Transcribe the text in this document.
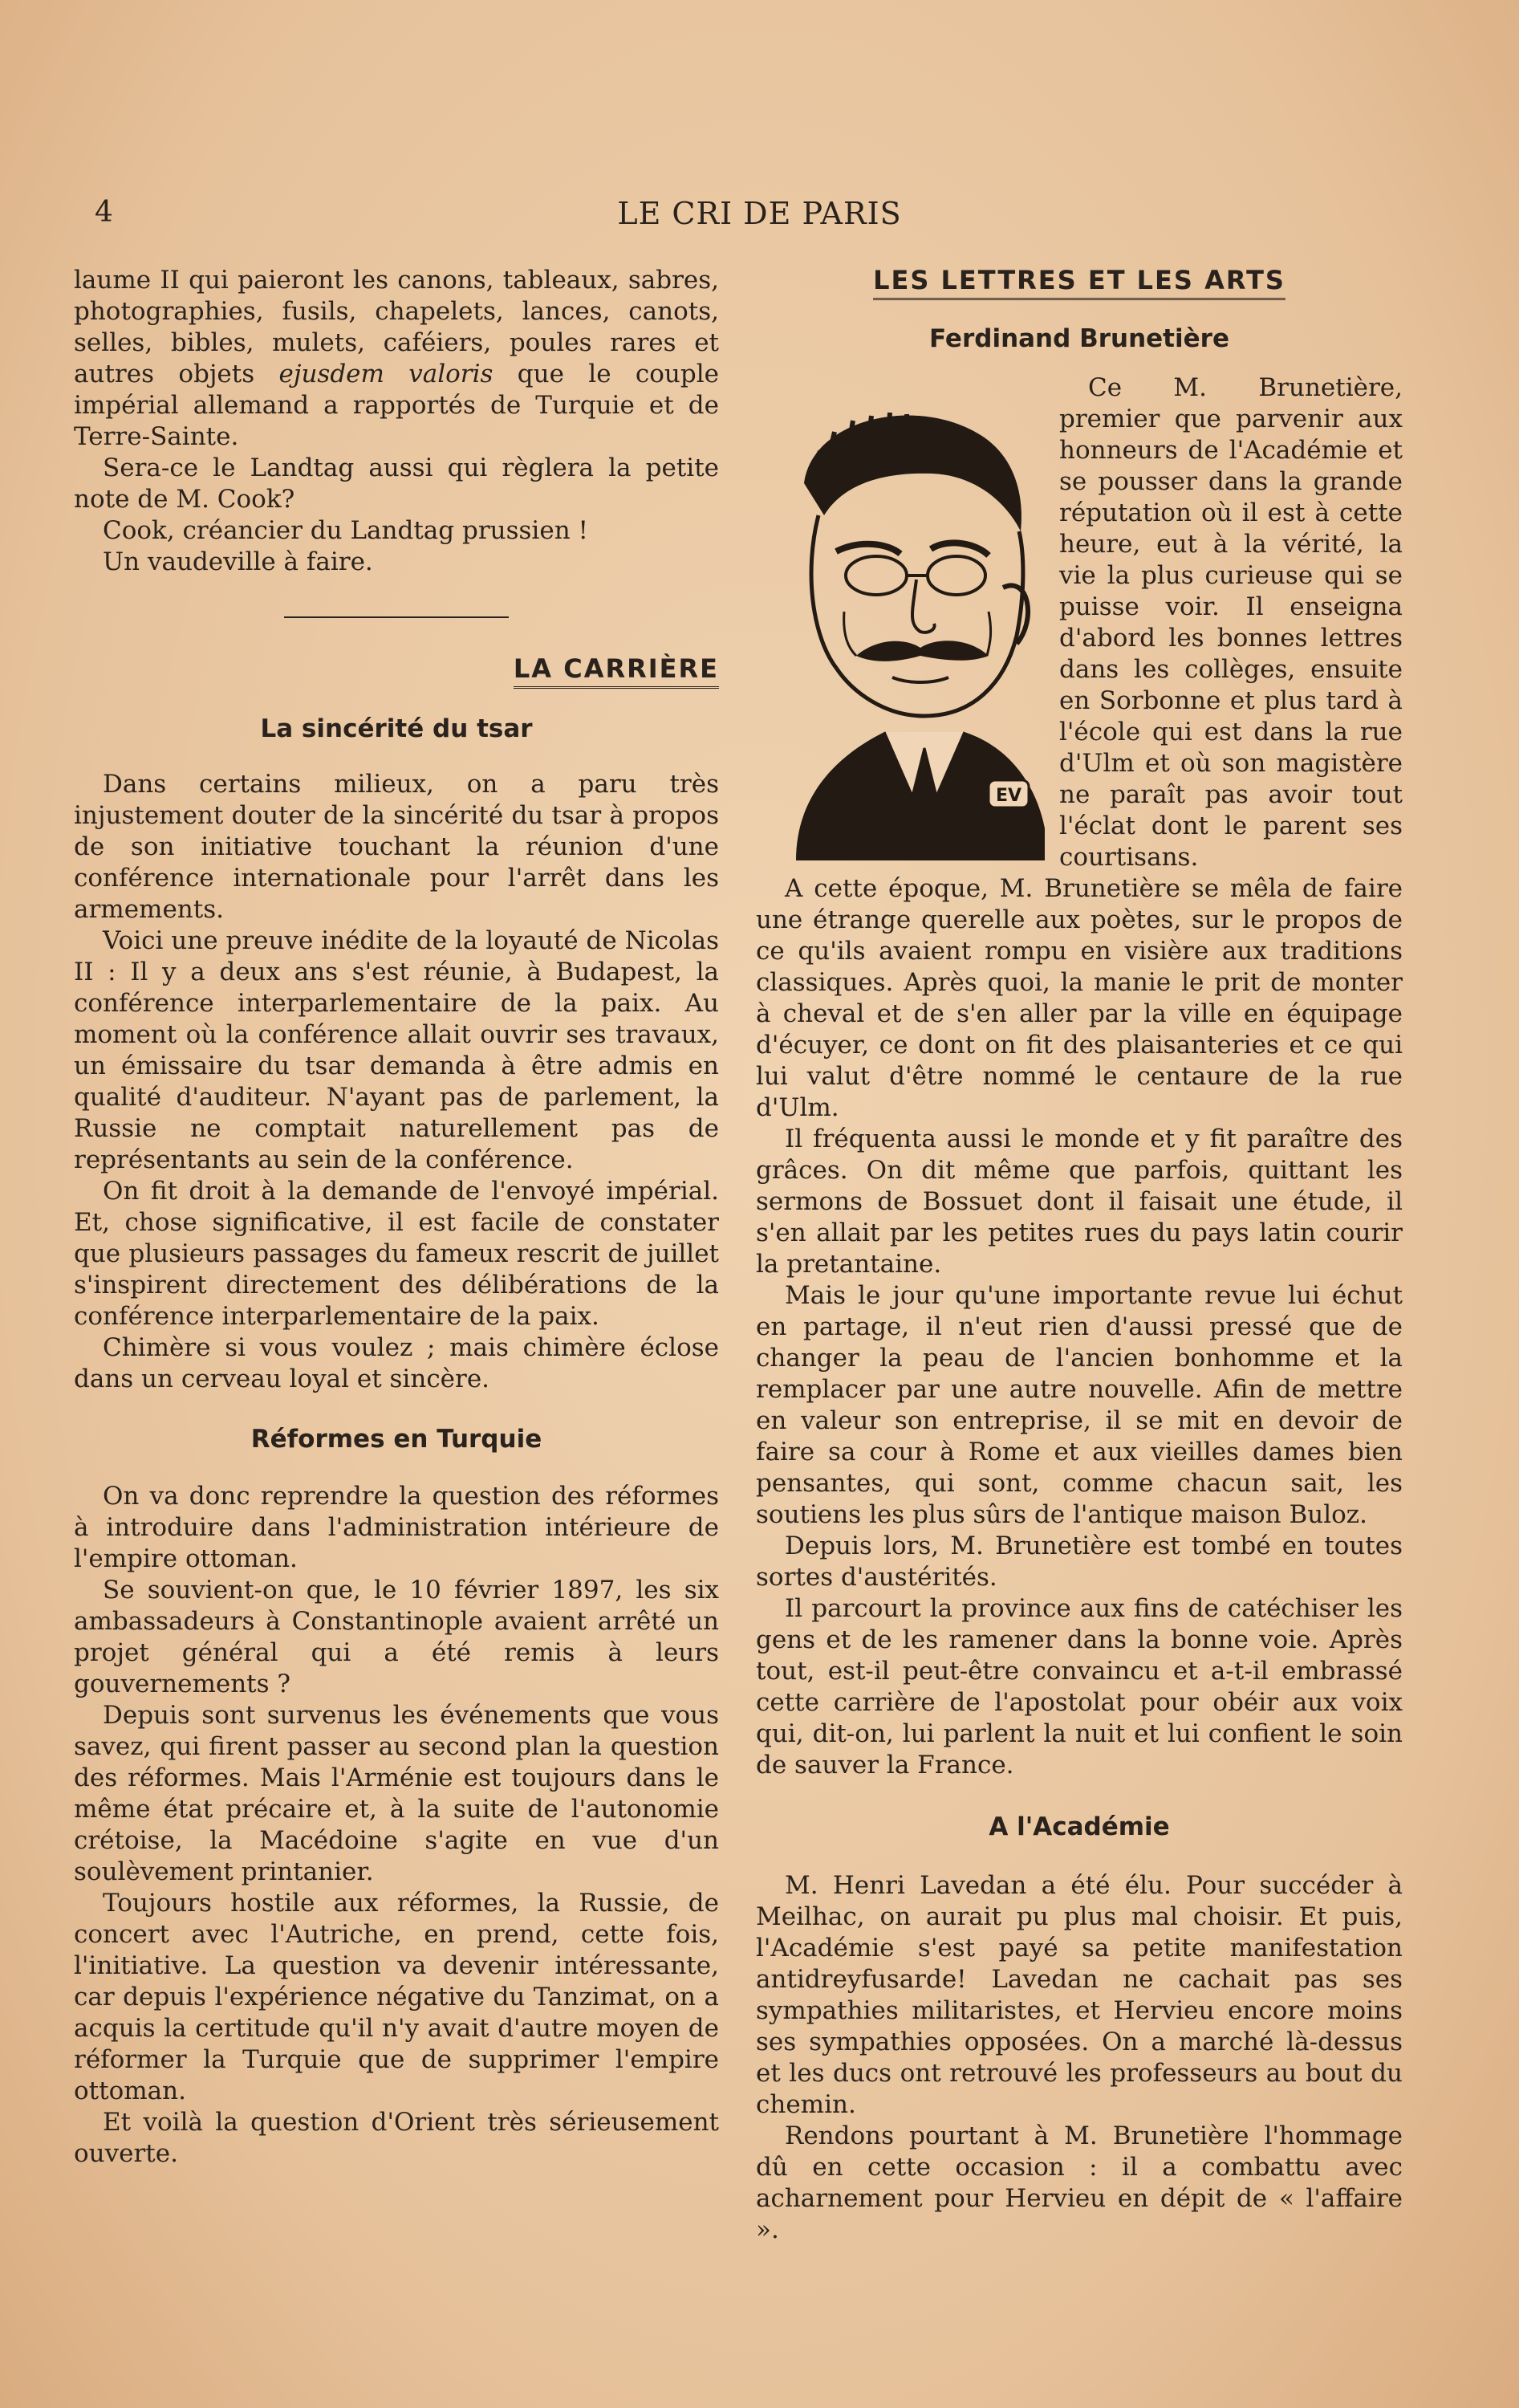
4	LE CRI DE PARIS

laume II qui paieront les canons, tableaux, sabres, photographies, fusils, chapelets, lances, canots, selles, bibles, mulets, caféiers, poules rares et autres objets ejusdem valoris que le couple impérial allemand a rapportés de Turquie et de Terre-Sainte.

Sera-ce le Landtag aussi qui règlera la petite note de M. Cook?

Cook, créancier du Landtag prussien !

Un vaudeville à faire.

LA CARRIÈRE
La sincérité du tsar

Dans certains milieux, on a paru très injustement douter de la sincérité du tsar à propos de son initiative touchant la réunion d'une conférence internationale pour l'arrêt dans les armements.

Voici une preuve inédite de la loyauté de Nicolas II : Il y a deux ans s'est réunie, à Budapest, la conférence interparlementaire de la paix. Au moment où la conférence allait ouvrir ses travaux, un émissaire du tsar demanda à être admis en qualité d'auditeur. N'ayant pas de parlement, la Russie ne comptait naturellement pas de représentants au sein de la conférence.

On fit droit à la demande de l'envoyé impérial. Et, chose significative, il est facile de constater que plusieurs passages du fameux rescrit de juillet s'inspirent directement des délibérations de la conférence interparlementaire de la paix.

Chimère si vous voulez ; mais chimère éclose dans un cerveau loyal et sincère.

Réformes en Turquie

On va donc reprendre la question des réformes à introduire dans l'administration intérieure de l'empire ottoman.

Se souvient-on que, le 10 février 1897, les six ambassadeurs à Constantinople avaient arrêté un projet général qui a été remis à leurs gouvernements ?

Depuis sont survenus les événements que vous savez, qui firent passer au second plan la question des réformes. Mais l'Arménie est toujours dans le même état précaire et, à la suite de l'autonomie crétoise, la Macédoine s'agite en vue d'un soulèvement printanier.

Toujours hostile aux réformes, la Russie, de concert avec l'Autriche, en prend, cette fois, l'initiative. La question va devenir intéressante, car depuis l'expérience négative du Tanzimat, on a acquis la certitude qu'il n'y avait d'autre moyen de réformer la Turquie que de supprimer l'empire ottoman.

Et voilà la question d'Orient très sérieusement ouverte.

LES LETTRES ET LES ARTS
Ferdinand Brunetière
EV

Ce M. Brunetière, premier que parvenir aux honneurs de l'Académie et se pousser dans la grande réputation où il est à cette heure, eut à la vérité, la vie la plus curieuse qui se puisse voir. Il enseigna d'abord les bonnes lettres dans les collèges, ensuite en Sorbonne et plus tard à l'école qui est dans la rue d'Ulm et où son magistère ne paraît pas avoir tout l'éclat dont le parent ses courtisans.

A cette époque, M. Brunetière se mêla de faire une étrange querelle aux poètes, sur le propos de ce qu'ils avaient rompu en visière aux traditions classiques. Après quoi, la manie le prit de monter à cheval et de s'en aller par la ville en équipage d'écuyer, ce dont on fit des plaisanteries et ce qui lui valut d'être nommé le centaure de la rue d'Ulm.

Il fréquenta aussi le monde et y fit paraître des grâces. On dit même que parfois, quittant les sermons de Bossuet dont il faisait une étude, il s'en allait par les petites rues du pays latin courir la pretantaine.

Mais le jour qu'une importante revue lui échut en partage, il n'eut rien d'aussi pressé que de changer la peau de l'ancien bonhomme et la remplacer par une autre nouvelle. Afin de mettre en valeur son entreprise, il se mit en devoir de faire sa cour à Rome et aux vieilles dames bien pensantes, qui sont, comme chacun sait, les soutiens les plus sûrs de l'antique maison Buloz.

Depuis lors, M. Brunetière est tombé en toutes sortes d'austérités.

Il parcourt la province aux fins de catéchiser les gens et de les ramener dans la bonne voie. Après tout, est-il peut-être convaincu et a-t-il embrassé cette carrière de l'apostolat pour obéir aux voix qui, dit-on, lui parlent la nuit et lui confient le soin de sauver la France.

A l'Académie

M. Henri Lavedan a été élu. Pour succéder à Meilhac, on aurait pu plus mal choisir. Et puis, l'Académie s'est payé sa petite manifestation antidreyfusarde! Lavedan ne cachait pas ses sympathies militaristes, et Hervieu encore moins ses sympathies opposées. On a marché là-dessus et les ducs ont retrouvé les professeurs au bout du chemin.

Rendons pourtant à M. Brunetière l'hommage dû en cette occasion : il a combattu avec acharnement pour Hervieu en dépit de « l'affaire ».
